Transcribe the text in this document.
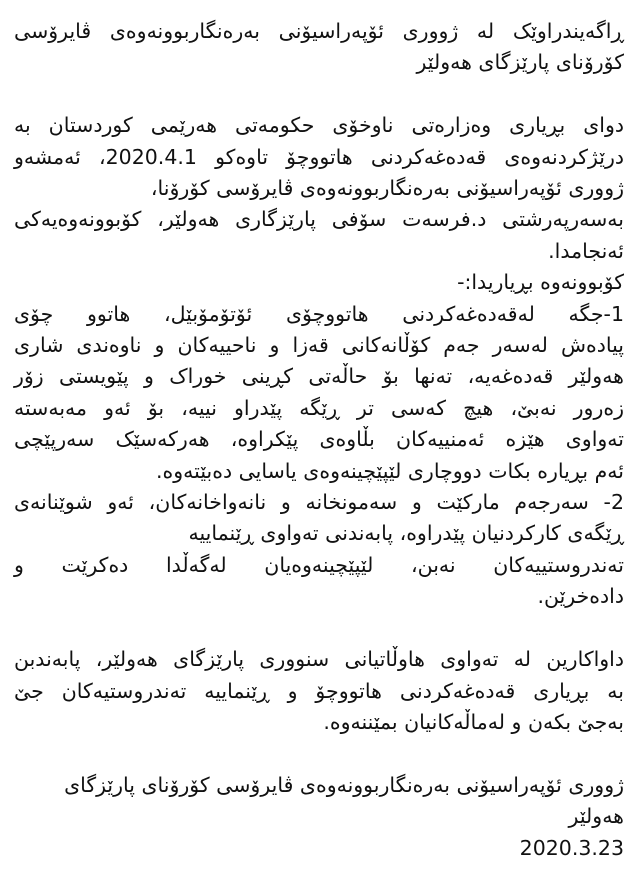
ڕاگەیندراوێک لە ژووری ئۆپەراسیۆنی بەرەنگاربوونەوەی ڤایرۆسی
کۆرۆنای پارێزگای هەولێر
دوای بڕیاری وەزارەتی ناوخۆی حکومەتی هەرێمی کوردستان بە
درێژکردنەوەی قەدەغەکردنی هاتووچۆ تاوەکو 2020.4.1، ئەمشەو
ژووری ئۆپەراسیۆنی بەرەنگاربوونەوەی ڤایرۆسی کۆرۆنا،
بەسەرپەرشتی د.فرسەت سۆفی پارێزگاری هەولێر، کۆبوونەوەیەکی
ئەنجامدا.
کۆبوونەوە بڕیاریدا:-
1-جگە لەقەدەغەکردنی هاتووچۆی ئۆتۆمۆبێل، هاتوو چۆی
پیادەش لەسەر جەم کۆڵانەکانی قەزا و ناحییەکان و ناوەندی شاری
هەولێر قەدەغەیە، تەنها بۆ حاڵەتی کڕینی خوراک و پێویستی زۆر
زەرور نەبێ، هیچ کەسی تر ڕێگە پێدراو نییە، بۆ ئەو مەبەستە
تەواوی هێزە ئەمنییەکان بڵاوەی پێکراوە، هەرکەسێک سەرپێچی
ئەم بڕیارە بکات دووچاری لێپێچینەوەی یاسایی دەبێتەوە.
2- سەرجەم مارکێت و سەمونخانە و نانەواخانەکان، ئەو شوێنانەی
ڕێگەی کارکردنیان پێدراوە، پابەندنی تەواوی ڕێنماییە
تەندروستییەکان نەبن، لێپێچینەوەیان لەگەڵدا دەکرێت و
دادەخرێن.
داواکارین لە تەواوی هاوڵاتیانی سنووری پارێزگای هەولێر، پابەندبن
بە بڕیاری قەدەغەکردنی هاتووچۆ و ڕێنماییە تەندروستیەکان جێ
بەجێ بکەن و لەماڵەکانیان بمێننەوە.
ژووری ئۆپەراسیۆنی بەرەنگاربوونەوەی ڤایرۆسی کۆرۆنای پارێزگای
هەولێر
2020.3.23
